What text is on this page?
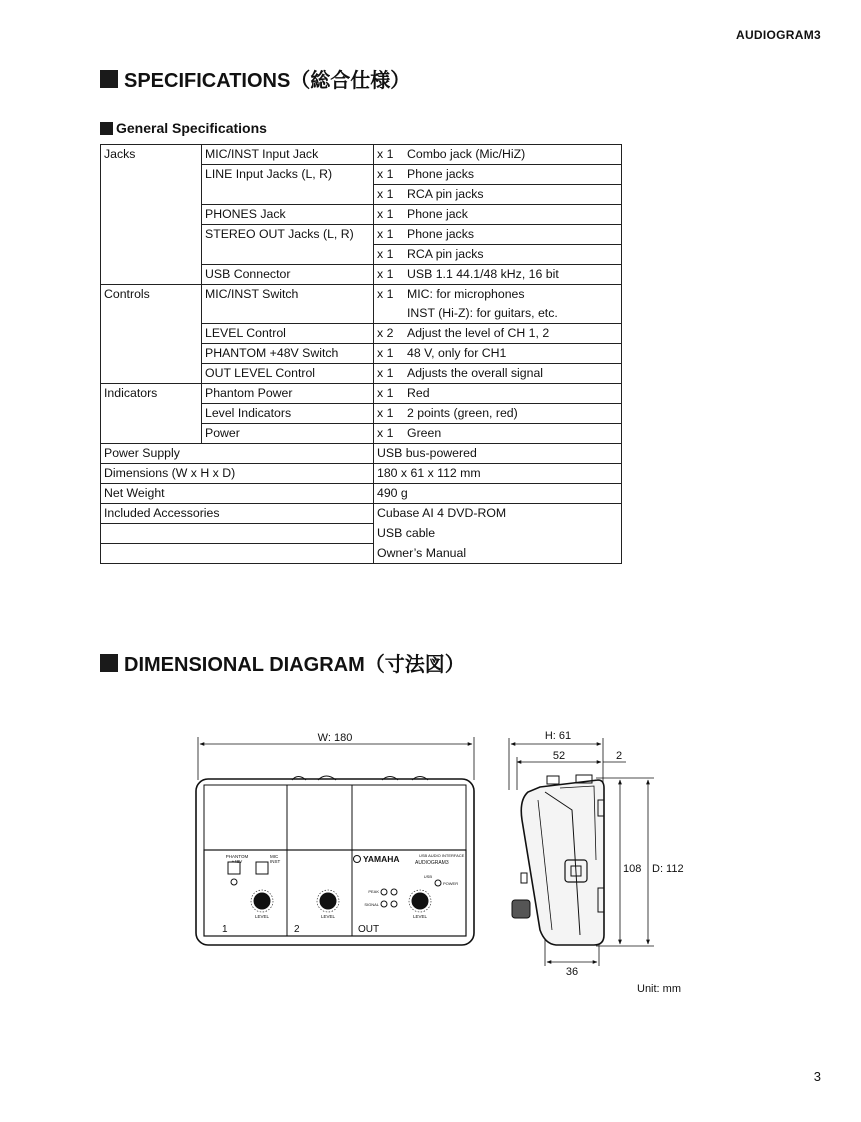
AUDIOGRAM3
SPECIFICATIONS（総合仕様）
General Specifications
Jacks	MIC/INST Input Jack	x 1	Combo jack (Mic/HiZ)
	LINE Input Jacks (L, R)	x 1	Phone jacks
		x 1	RCA pin jacks
	PHONES Jack	x 1	Phone jack
	STEREO OUT Jacks (L, R)	x 1	Phone jacks
		x 1	RCA pin jacks
	USB Connector	x 1	USB 1.1 44.1/48 kHz, 16 bit
Controls	MIC/INST Switch	x 1	MIC: for microphones
			INST (Hi-Z): for guitars, etc.
	LEVEL Control	x 2	Adjust the level of CH 1, 2
	PHANTOM +48V Switch	x 1	48 V, only for CH1
	OUT LEVEL Control	x 1	Adjusts the overall signal
Indicators	Phantom Power	x 1	Red
	Level Indicators	x 1	2 points (green, red)
	Power	x 1	Green
Power Supply		USB bus-powered	
Dimensions (W x H x D)		180 x 61 x 112 mm	
Net Weight		490 g	
Included Accessories		Cubase AI 4 DVD-ROM	
		USB cable	
		Owner’s Manual	
DIMENSIONAL DIAGRAM（寸法図）
PHANTOM
+48V
MIC
INST
LEVEL	LEVEL	LEVEL
YAMAHA	USB AUDIO INTERFACE
AUDIOGRAM3
PEAK
SIGNAL
USB
POWER
1	2	OUT
W: 180	H: 61
52	2
108 D: 112
36
Unit: mm
3
